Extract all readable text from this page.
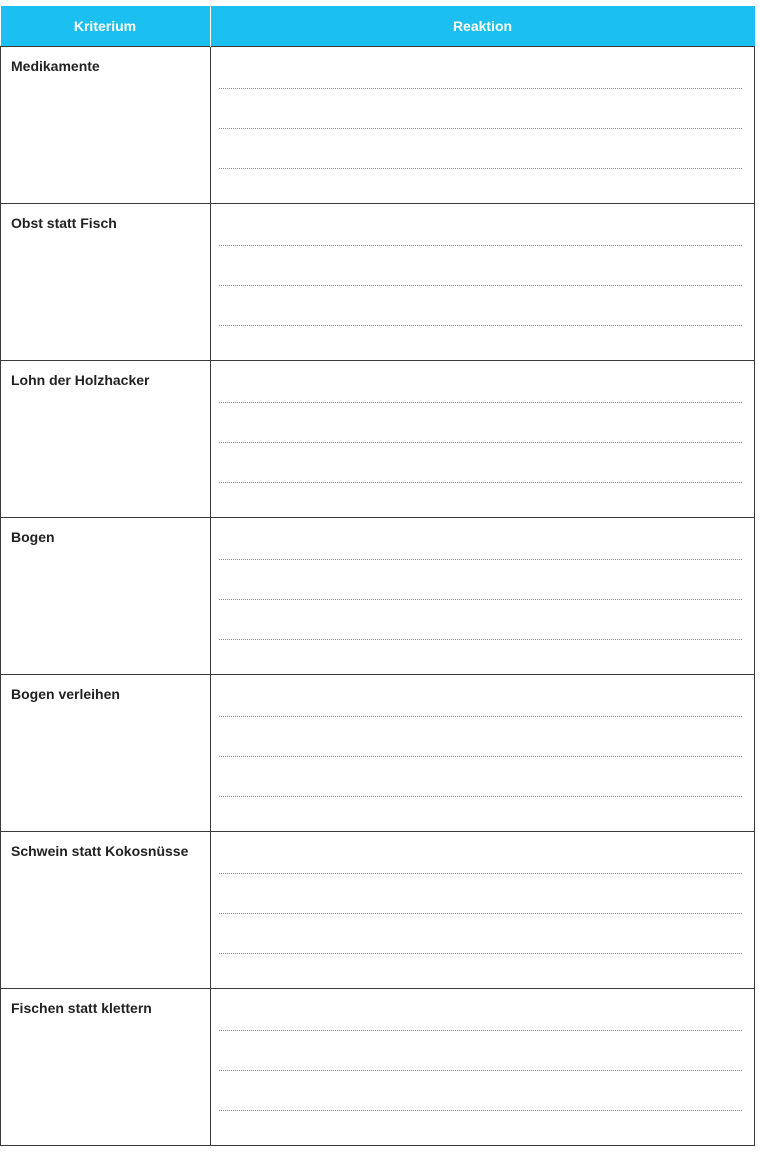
Kriterium	Reaktion
Medikamente	

Obst statt Fisch	

Lohn der Holzhacker	

Bogen	

Bogen verleihen	

Schwein statt Kokosnüsse	

Fischen statt klettern	
